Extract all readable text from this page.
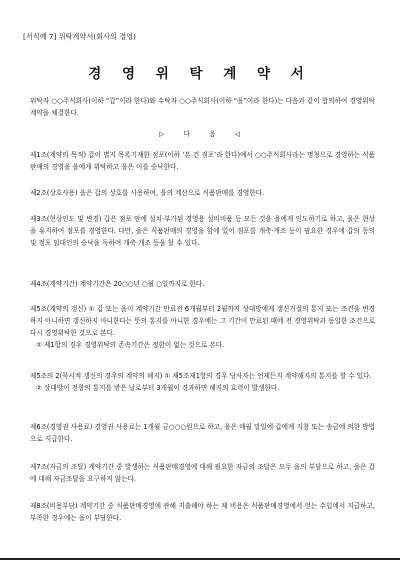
[서식예 7] 위탁계약서(회사의 경영)
경 영 위 탁 계 약 서
위탁자 ○○주식회사(이하 “갑”이라 한다)와 수탁자 ○○주식회사(이하 “을”이라 한다)는 다음과 같이 합의하여 경영위탁 계약을 체결한다.
▷	다	음	◁

제1조(계약의 목적) 갑이 별지 목록기재한 점포(이하 ‘본 건 점포’라 한다)에서 ○○주식회사라는 명칭으로 경영하는 식품판매의 경영을 을에게 위탁하고 을은 이를 승낙한다.

제2조(상호사용) 을은 갑의 상호를 사용하여, 을의 계산으로 식품판매를 경영한다.

제3조(현상인도 및 변경) 갑은 점포 안에 설치·부가된 경영용 설비비품 등 모든 것을 을에게 인도하기로 하고, 을은 현상을 유지하여 점포를 경영한다. 다만, 을은 식품판매의 경영을 함에 있어 점포를 개축·개조 등이 필요한 경우에 갑의 동의 및 점포 임대인의 승낙을 득하여 개축·개조 등을 할 수 있다.

제4조(계약기간) 계약기간은 20○○년 ○월 ○일까지로 한다.

제5조(계약의 갱신) ① 갑 또는 을이 계약기간 만료전 6개월부터 2월까지 상대방에게 갱신거절의 통지 또는 조건을 변경하지 아니하면 갱신하지 아니한다는 뜻의 통지를 아니한 경우에는 그 기간이 만료된 때에 전 경영위탁과 동일한 조건으로 다시 경영위탁한 것으로 본다.
② 제1항의 경우 경영위탁의 존속기간은 정함이 없는 것으로 본다.

제5조의 2(묵시적 갱신의 경우의 계약의 해지) ① 제5조제1항의 경우 당사자는 언제든지 계약해지의 통지를 할 수 있다.
② 상대방이 전항의 통지를 받은 날로부터 3개월이 경과하면 해지의 효력이 발생한다.

제6조(경영권 사용료) 경영권 사용료는 1개월 금○○○원으로 하고, 을은 매월 말일에 갑에게 지참 또는 송금에 의한 방법으로 지급한다.

제7조(자금의 조달) 계약기간 중 발생하는 식품판매경영에 대해 필요한 자금의 조달은 모두 을의 부담으로 하고, 을은 갑에 대해 자금조달을 요구하지 않는다.

제8조(비용부담) 계약기간 중 식품판매경영에 관해 지출해야 하는 제 비용은 식품판매경영에서 얻는 수입에서 지급하고, 부족한 경우에는 을이 부담한다.
